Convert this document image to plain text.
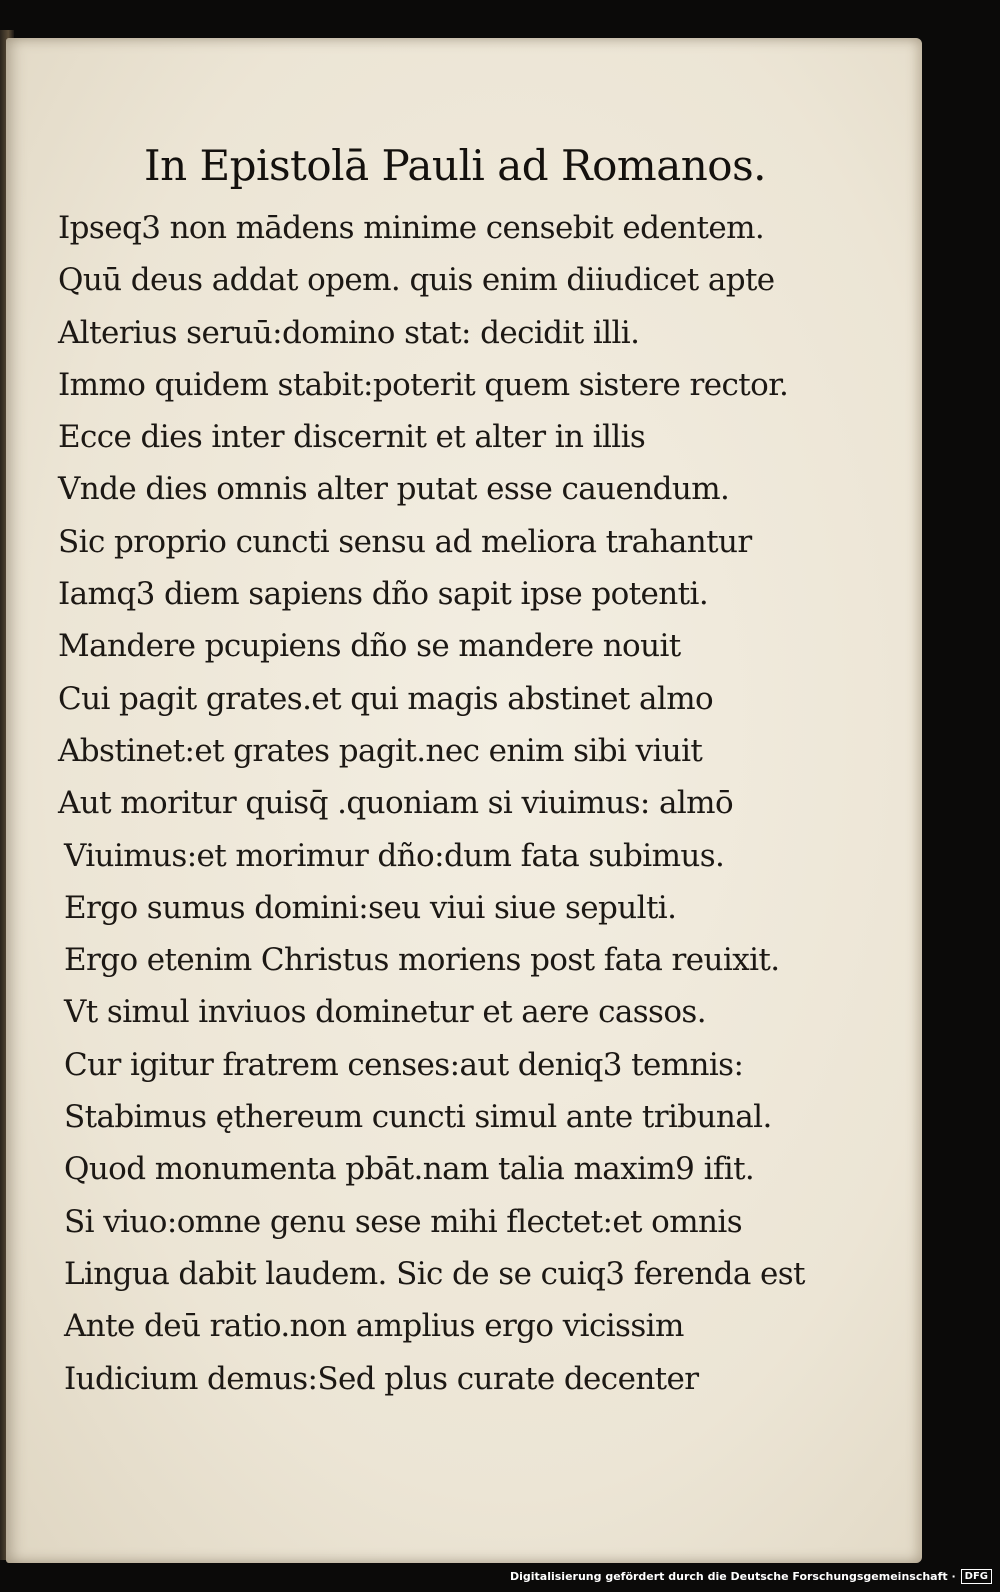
In Epistolā Pauli ad Romanos.
Ipseq3 non mādens minime censebit edentem.
Quū deus addat opem. quis enim diiudicet apte
Alterius seruū:domino stat: decidit illi.
Immo quidem stabit:poterit quem sistere rector.
Ecce dies inter discernit et alter in illis
Vnde dies omnis alter putat esse cauendum.
Sic proprio cuncti sensu ad meliora trahantur
Iamq3 diem sapiens dño sapit ipse potenti.
Mandere pcupiens dño se mandere nouit
Cui pagit grates.et qui magis abstinet almo
Abstinet:et grates pagit.nec enim sibi viuit
Aut moritur quisq̄ .quoniam si viuimus: almō
Viuimus:et morimur dño:dum fata subimus.
Ergo sumus domini:seu viui siue sepulti.
Ergo etenim Christus moriens post fata reuixit.
Vt simul inviuos dominetur et aere cassos.
Cur igitur fratrem censes:aut deniq3 temnis:
Stabimus ęthereum cuncti simul ante tribunal.
Quod monumenta pbāt.nam talia maxim9 ifit.
Si viuo:omne genu sese mihi flectet:et omnis
Lingua dabit laudem. Sic de se cuiq3 ferenda est
Ante deū ratio.non amplius ergo vicissim
Iudicium demus:Sed plus curate decenter
Digitalisierung gefördert durch die Deutsche Forschungsgemeinschaft · DFG
